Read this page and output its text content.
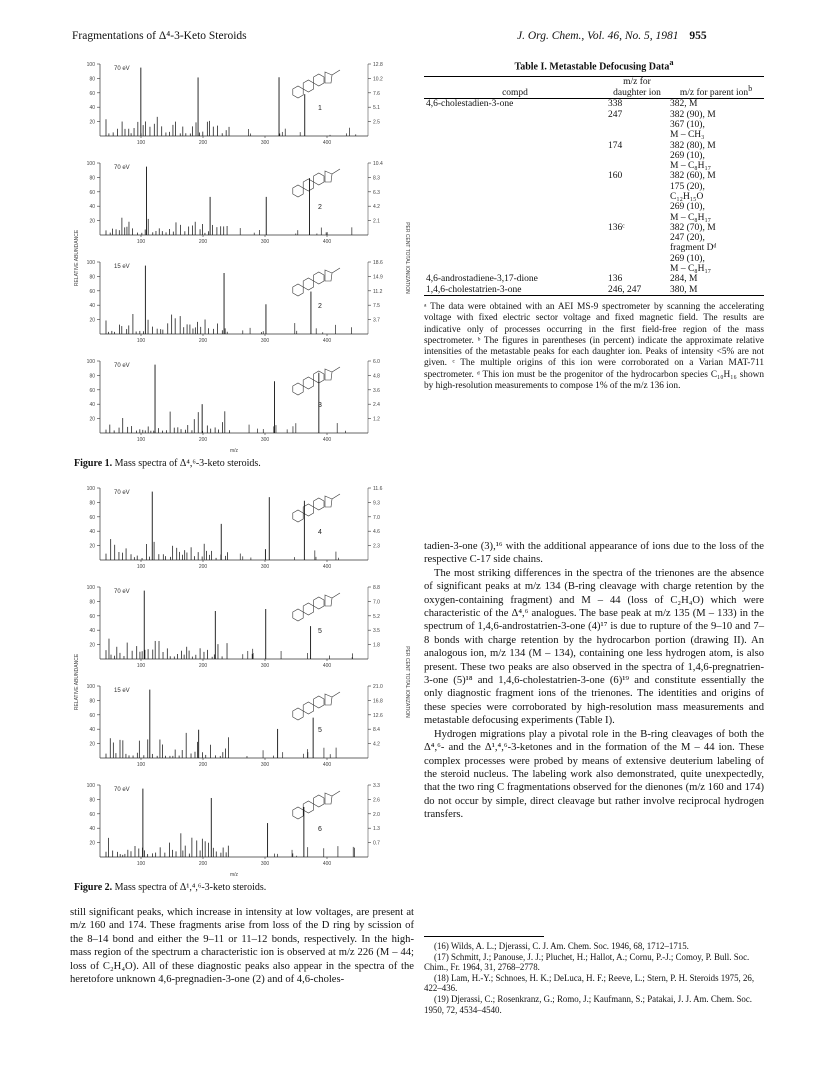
Fragmentations of Δ⁴-3-Keto Steroids	J. Org. Chem., Vol. 46, No. 5, 1981 955
100
80
60
40
20
12.8
10.2
7.6
5.1
2.5
100	200	300	400
70 eV
1
100
80
60
40
20
10.4
8.3
6.3
4.2
2.1
100	200	300	400
70 eV
2
100
80
60
40
20
18.6
14.9
11.2
7.5
3.7
100	200	300	400
15 eV
2
100
80
60
40
20
6.0
4.8
3.6
2.4
1.2
100	200	300	400
70 eV
3
RELATIVE ABUNDANCE	PER CENT TOTAL IONIZATION
m/z
Figure 1. Mass spectra of Δ⁴,⁶-3-keto steroids.
100
80
60
40
20
11.6
9.3
7.0
4.6
2.3
100	200	300	400
70 eV
4
100
80
60
40
20
8.8
7.0
5.2
3.5
1.8
100	200	300	400
70 eV
5
100
80
60
40
20
21.0
16.8
12.6
8.4
4.2
100	200	300	400
15 eV
5
100
80
60
40
20
3.3
2.6
2.0
1.3
0.7
100	200	300	400
70 eV
6
RELATIVE ABUNDANCE	PER CENT TOTAL IONIZATION
m/z
Figure 2. Mass spectra of Δ¹,⁴,⁶-3-keto steroids.

still significant peaks, which increase in intensity at low voltages, are present at m/z 160 and 174. These fragments arise from loss of the D ring by scission of the 8–14 bond and either the 9–11 or 11–12 bonds, respectively. In the high-mass region of the spectrum a characteristic ion is observed at m/z 226 (M – 44; loss of C₂H₄O). All of these diagnostic peaks also appear in the spectra of the heretofore unknown 4,6-pregnadien-3-one (2) and of 4,6-choles-

Table I. Metastable Defocusing Data$^a$
compd	m/z for daughter ion	m/z for parent ion$^b$
4,6-cholestadien-3-one	338	382, M
	247	382 (90), M
		367 (10),
		M – CH₃
	174	382 (80), M
		269 (10),
		M – C₈H₁₇
	160	382 (60), M
		175 (20),
		C₁₂H₁₅O
		269 (10),
		M – C₈H₁₇
	136ᶜ	382 (70), M
		247 (20),
		fragment Dᵈ
		269 (10),
		M – C₈H₁₇
4,6-androstadiene-3,17-dione	136	284, M
1,4,6-cholestatrien-3-one	246, 247	380, M
ᵃ The data were obtained with an AEI MS-9 spectrometer by scanning the accelerating voltage with fixed electric sector voltage and fixed magnetic field. The results are indicative only of processes occurring in the first field-free region of the mass spectrometer. ᵇ The figures in parentheses (in percent) indicate the approximate relative intensities of the metastable peaks for each daughter ion. Peaks of intensity <5% are not given. ᶜ The multiple origins of this ion were corroborated on a Varian MAT-711 spectrometer. ᵈ This ion must be the progenitor of the hydrocarbon species C₁₀H₁₆ shown by high-resolution measurements to compose 1% of the m/z 136 ion.

tadien-3-one (3),¹⁶ with the additional appearance of ions due to the loss of the respective C-17 side chains.

The most striking differences in the spectra of the trienones are the absence of significant peaks at m/z 134 (B-ring cleavage with charge retention by the oxygen-containing fragment) and M – 44 (loss of C₂H₄O) which were characteristic of the Δ⁴,⁶ analogues. The base peak at m/z 135 (M – 133) in the spectrum of 1,4,6-androstatrien-3-one (4)¹⁷ is due to rupture of the 9–10 and 7–8 bonds with charge retention by the hydrocarbon portion (drawing II). An analogous ion, m/z 134 (M – 134), containing one less hydrogen atom, is also present. These two peaks are also observed in the spectra of 1,4,6-pregnatrien-3-one (5)¹⁸ and 1,4,6-cholestatrien-3-one (6)¹⁹ and constitute essentially the only diagnostic fragment ions of the trienones. The identities and origins of these species were corroborated by high-resolution mass measurements and metastable defocusing experiments (Table I).

Hydrogen migrations play a pivotal role in the B-ring cleavages of both the Δ⁴,⁶- and the Δ¹,⁴,⁶-3-ketones and in the formation of the M – 44 ion. These complex processes were probed by means of extensive deuterium labeling of the steroid nucleus. The labeling work also demonstrated, quite unexpectedly, that the two ring C fragmentations observed for the dienones (m/z 160 and 174) do not occur by simple, direct cleavage but rather involve reciprocal hydrogen transfers.

(16) Wilds, A. L.; Djerassi, C. J. Am. Chem. Soc. 1946, 68, 1712–1715.

(17) Schmitt, J.; Panouse, J. J.; Pluchet, H.; Hallot, A.; Cornu, P.-J.; Comoy, P. Bull. Soc. Chim., Fr. 1964, 31, 2768–2778.

(18) Lam, H.-Y.; Schnoes, H. K.; DeLuca, H. F.; Reeve, L.; Stern, P. H. Steroids 1975, 26, 422–436.

(19) Djerassi, C.; Rosenkranz, G.; Romo, J.; Kaufmann, S.; Patakai, J. J. Am. Chem. Soc. 1950, 72, 4534–4540.
